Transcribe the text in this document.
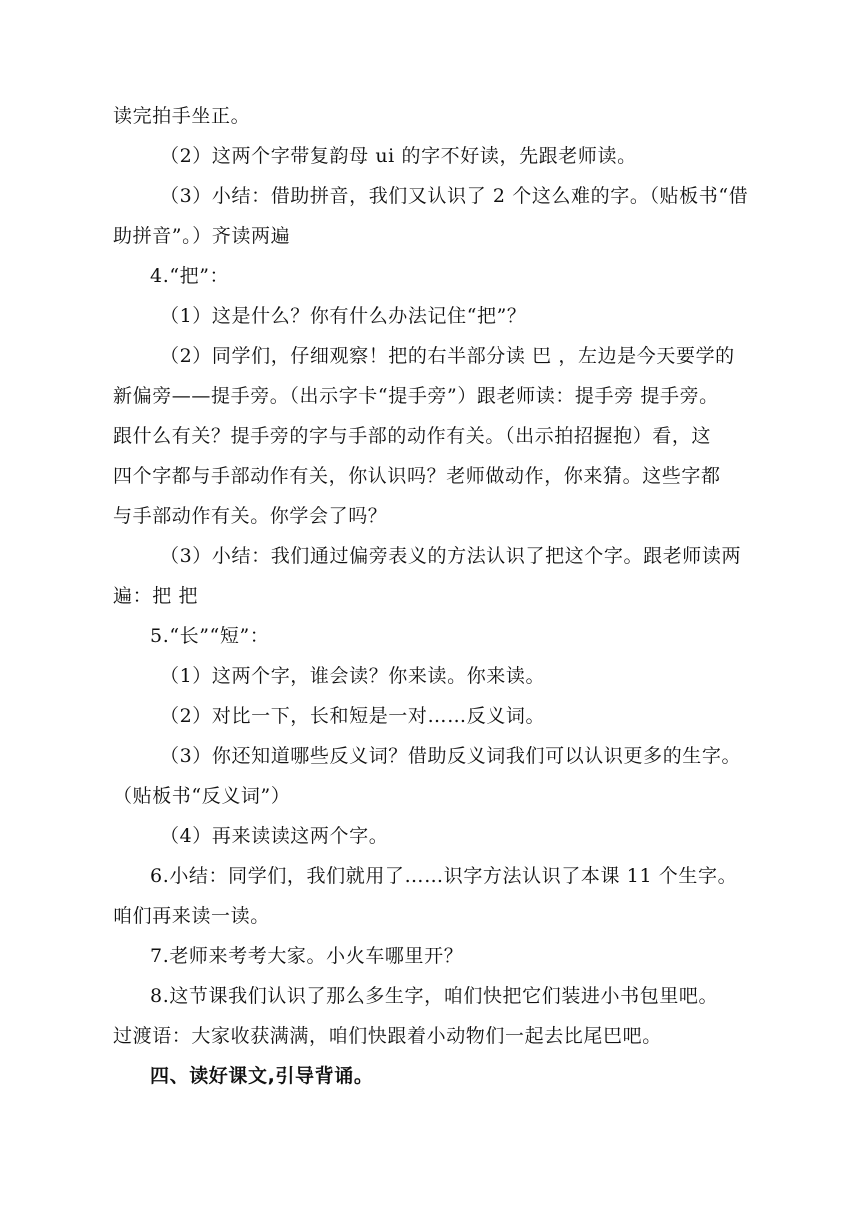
读完拍手坐正。
（2）这两个字带复韵母 ui 的字不好读，先跟老师读。
（3）小结：借助拼音，我们又认识了 2 个这么难的字。（贴板书“借
助拼音”。）齐读两遍
4.“把”：
（1）这是什么？你有什么办法记住“把”？
（2）同学们，仔细观察！把的右半部分读 巴 ，左边是今天要学的
新偏旁——提手旁。（出示字卡“提手旁”）跟老师读：提手旁 提手旁。
跟什么有关？提手旁的字与手部的动作有关。（出示拍招握抱）看，这
四个字都与手部动作有关，你认识吗？老师做动作，你来猜。这些字都
与手部动作有关。你学会了吗？
（3）小结：我们通过偏旁表义的方法认识了把这个字。跟老师读两
遍：把 把
5.“长”“短”：
（1）这两个字，谁会读？你来读。你来读。
（2）对比一下，长和短是一对……反义词。
（3）你还知道哪些反义词？借助反义词我们可以认识更多的生字。
（贴板书“反义词”）
（4）再来读读这两个字。
6.小结：同学们，我们就用了……识字方法认识了本课 11 个生字。
咱们再来读一读。
7.老师来考考大家。小火车哪里开？
8.这节课我们认识了那么多生字，咱们快把它们装进小书包里吧。
过渡语：大家收获满满，咱们快跟着小动物们一起去比尾巴吧。
四、读好课文,引导背诵。
